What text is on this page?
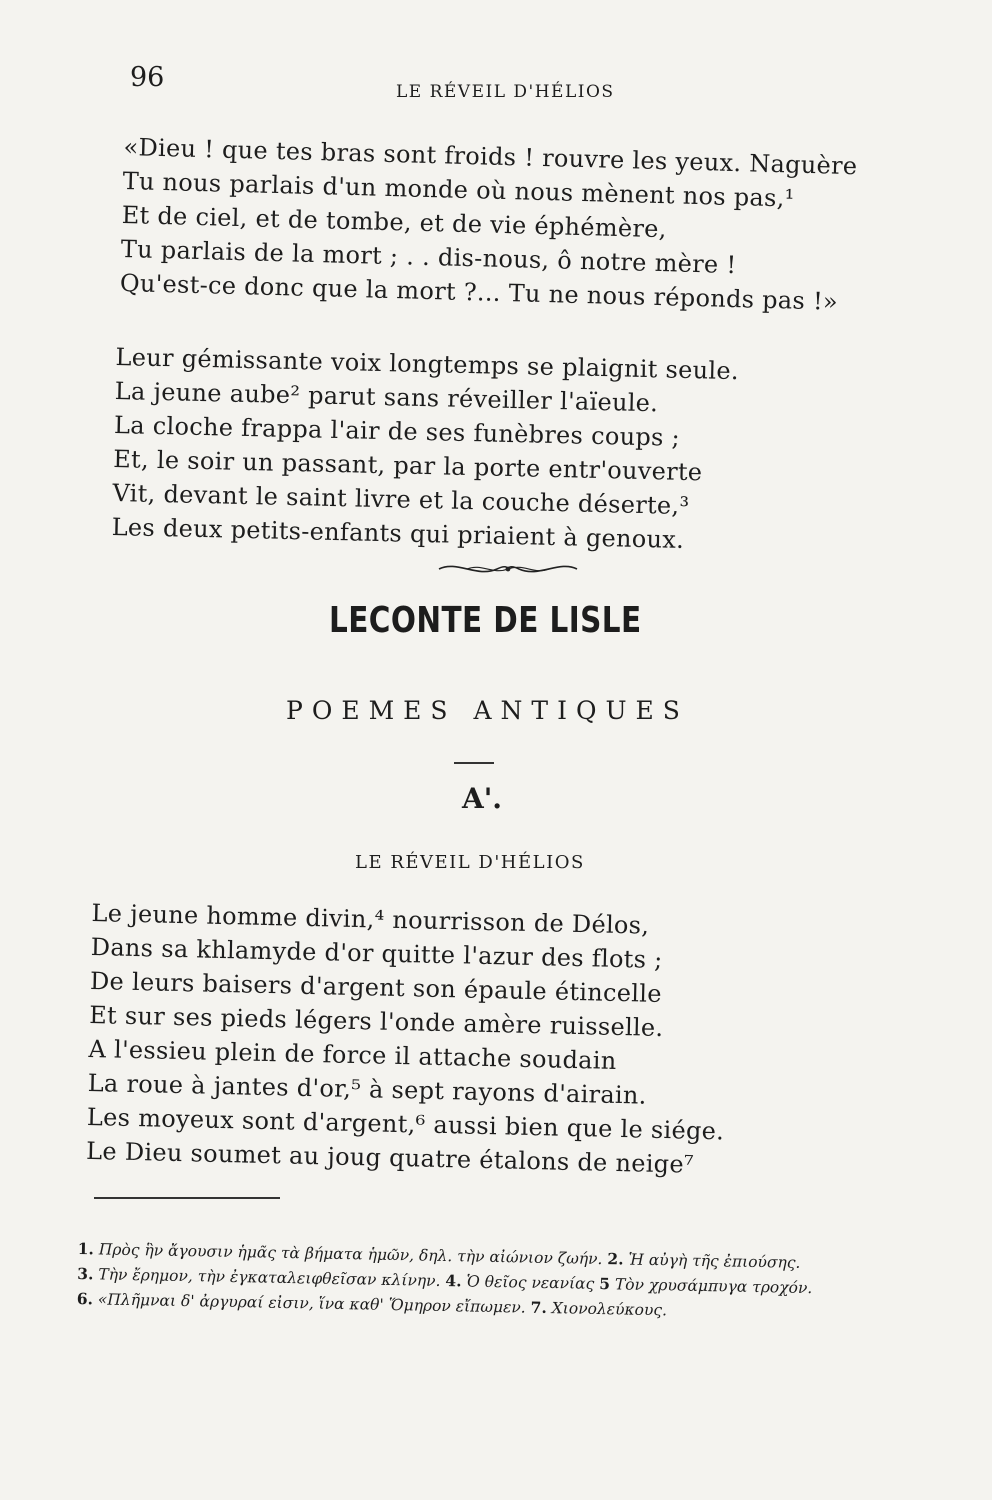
96	LE RÉVEIL D'HÉLIOS
«Dieu ! que tes bras sont froids ! rouvre les yeux. Naguère
Tu nous parlais d'un monde où nous mènent nos pas,¹
Et de ciel, et de tombe, et de vie éphémère,
Tu parlais de la mort ; . . dis-nous, ô notre mère !
Qu'est-ce donc que la mort ?... Tu ne nous réponds pas !»
Leur gémissante voix longtemps se plaignit seule.
La jeune aube² parut sans réveiller l'aïeule.
La cloche frappa l'air de ses funèbres coups ;
Et, le soir un passant, par la porte entr'ouverte
Vit, devant le saint livre et la couche déserte,³
Les deux petits-enfants qui priaient à genoux.
LECONTE DE LISLE
POEMES ANTIQUES
A'.
LE RÉVEIL D'HÉLIOS
Le jeune homme divin,⁴ nourrisson de Délos,
Dans sa khlamyde d'or quitte l'azur des flots ;
De leurs baisers d'argent son épaule étincelle
Et sur ses pieds légers l'onde amère ruisselle.
A l'essieu plein de force il attache soudain
La roue à jantes d'or,⁵ à sept rayons d'airain.
Les moyeux sont d'argent,⁶ aussi bien que le siége.
Le Dieu soumet au joug quatre étalons de neige⁷
1. Πρὸς ἣν ἄγουσιν ἡμᾶς τὰ βήματα ἡμῶν, δηλ. τὴν αἰώνιον ζωήν. 2. Ἡ αὐγὴ τῆς ἐπιούσης.
3. Τὴν ἔρημον, τὴν ἐγκαταλειφθεῖσαν κλίνην. 4. Ὁ θεῖος νεανίας 5 Τὸν χρυσάμπυγα τροχόν.
6. «Πλῆμναι δ' ἀργυραί εἰσιν, ἵνα καθ' Ὅμηρον εἴπωμεν. 7. Χιονολεύκους.
